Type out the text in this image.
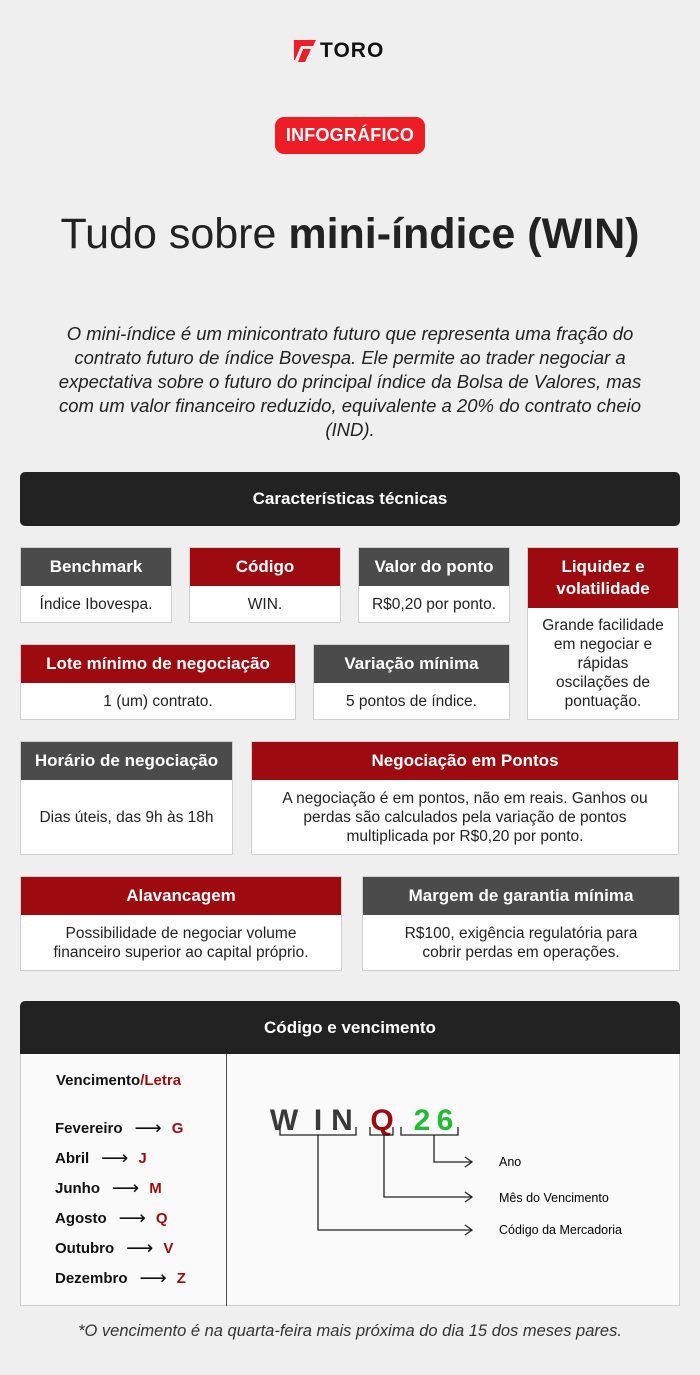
TORO
INFOGRÁFICO
Tudo sobre mini-índice (WIN)
O mini-índice é um minicontrato futuro que representa uma fração do contrato futuro de índice Bovespa. Ele permite ao trader negociar a expectativa sobre o futuro do principal índice da Bolsa de Valores, mas com um valor financeiro reduzido, equivalente a 20% do contrato cheio (IND).
Características técnicas
Benchmark
Índice Ibovespa.
Código
WIN.
Valor do ponto
R$0,20 por ponto.
Liquidez e volatilidade
Grande facilidade em negociar e rápidas oscilações de pontuação.
Lote mínimo de negociação
1 (um) contrato.
Variação mínima
5 pontos de índice.
Horário de negociação
Dias úteis, das 9h às 18h
Negociação em Pontos
A negociação é em pontos, não em reais. Ganhos ou perdas são calculados pela variação de pontos multiplicada por R$0,20 por ponto.
Alavancagem
Possibilidade de negociar volume financeiro superior ao capital próprio.
Margem de garantia mínima
R$100, exigência regulatória para cobrir perdas em operações.
Código e vencimento
Vencimento/Letra
Fevereiro ⟶ G
Abril ⟶ J
Junho ⟶ M
Agosto ⟶ Q
Outubro ⟶ V
Dezembro ⟶ Z
W I N Q 2 6
Ano
Mês do Vencimento
Código da Mercadoria
*O vencimento é na quarta-feira mais próxima do dia 15 dos meses pares.
